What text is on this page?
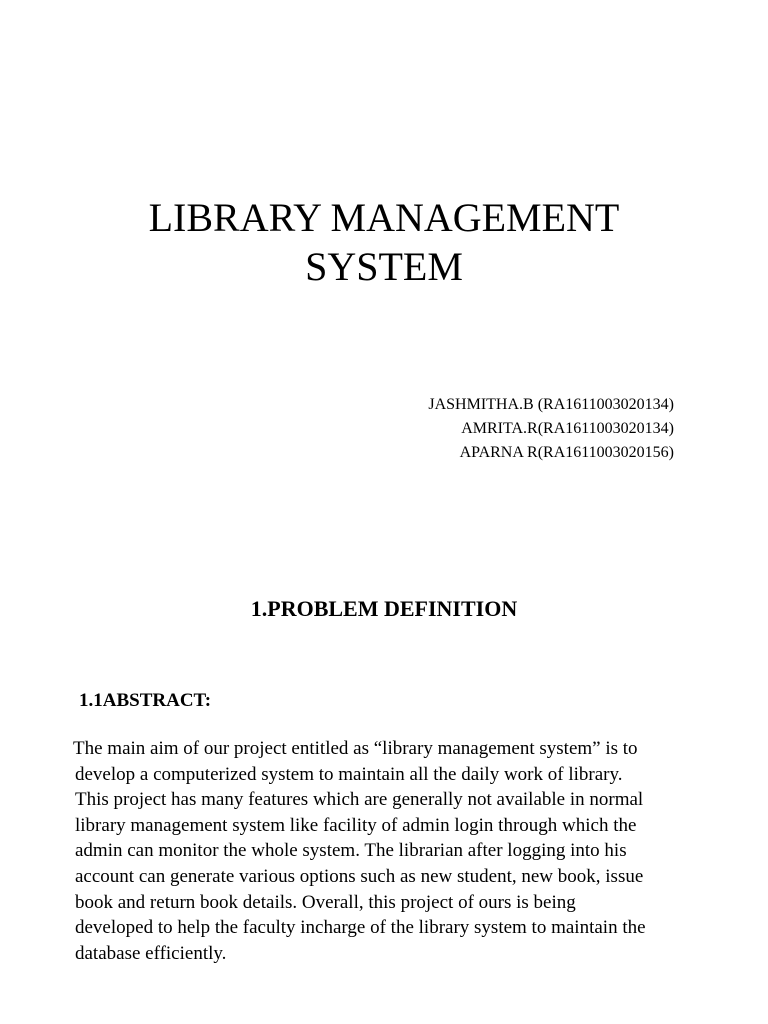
LIBRARY MANAGEMENT
SYSTEM
JASHMITHA.B (RA1611003020134)
AMRITA.R(RA1611003020134)
APARNA R(RA1611003020156)
1.PROBLEM DEFINITION
1.1ABSTRACT:

The main aim of our project entitled as “library management system” is to
develop a computerized system to maintain all the daily work of library.
This project has many features which are generally not available in normal
library management system like facility of admin login through which the
admin can monitor the whole system. The librarian after logging into his
account can generate various options such as new student, new book, issue
book and return book details. Overall, this project of ours is being
developed to help the faculty incharge of the library system to maintain the
database efficiently.
